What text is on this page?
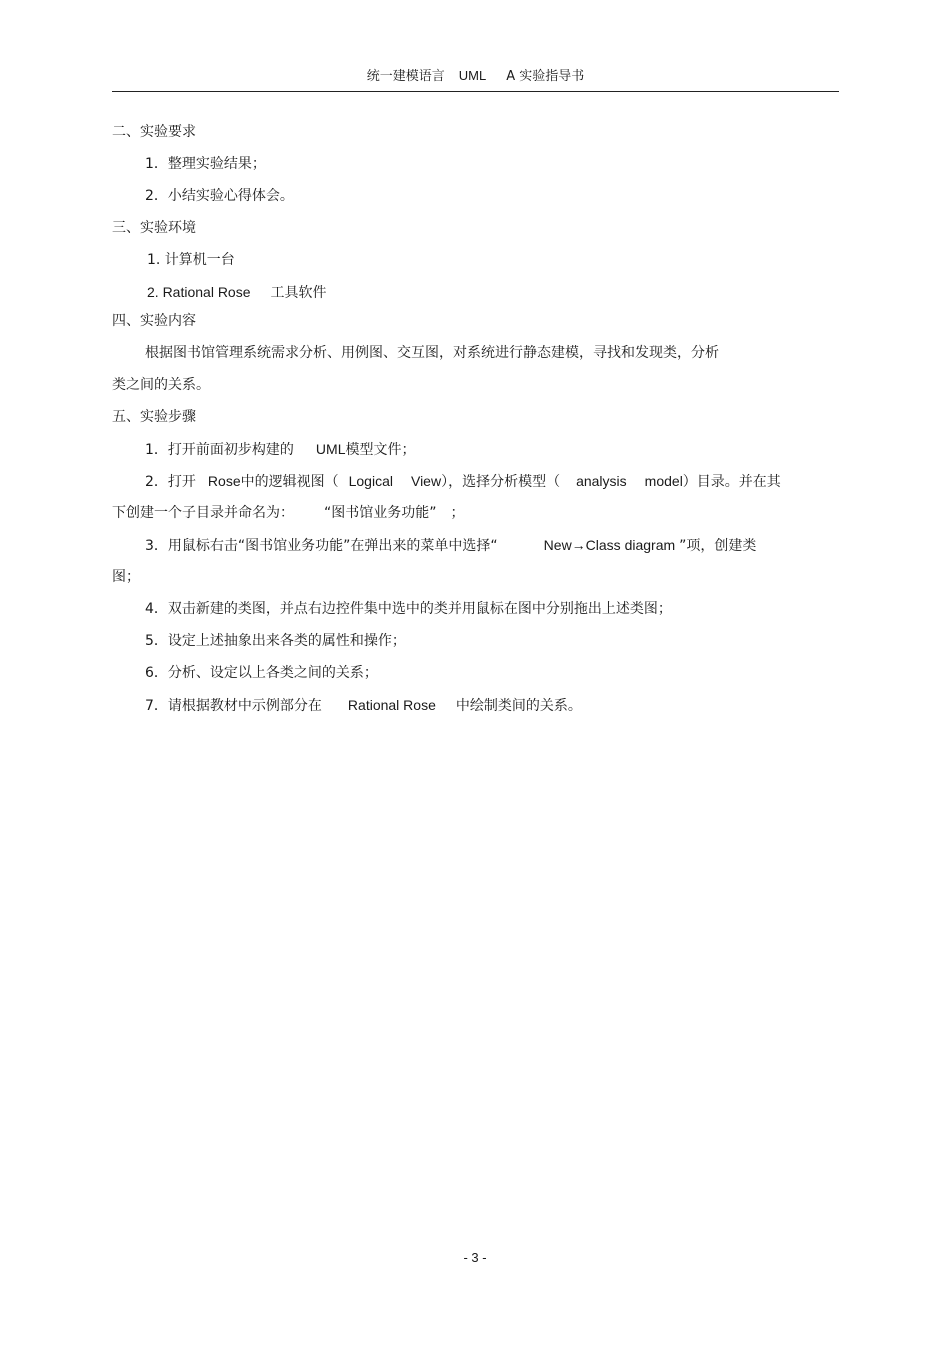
统一建模语言 UML A 实验指导书
二、实验要求
1．整理实验结果；
2．小结实验心得体会。
三、实验环境
1. 计算机一台
2. Rational Rose 工具软件
四、实验内容
根据图书馆管理系统需求分析、用例图、交互图，对系统进行静态建模，寻找和发现类，分析
类之间的关系。
五、实验步骤
1．打开前面初步构建的 UML模型文件；
2．打开 Rose中的逻辑视图（ Logical View），选择分析模型（ analysis model）目录。并在其
下创建一个子目录并命名为： “图书馆业务功能” ；
3．用鼠标右击“图书馆业务功能”在弹出来的菜单中选择“	New→Class diagram ”项，创建类
图；
4．双击新建的类图，并点右边控件集中选中的类并用鼠标在图中分别拖出上述类图；
5．设定上述抽象出来各类的属性和操作；
6．分析、设定以上各类之间的关系；
7．请根据教材中示例部分在 Rational Rose 中绘制类间的关系。
- 3 -
